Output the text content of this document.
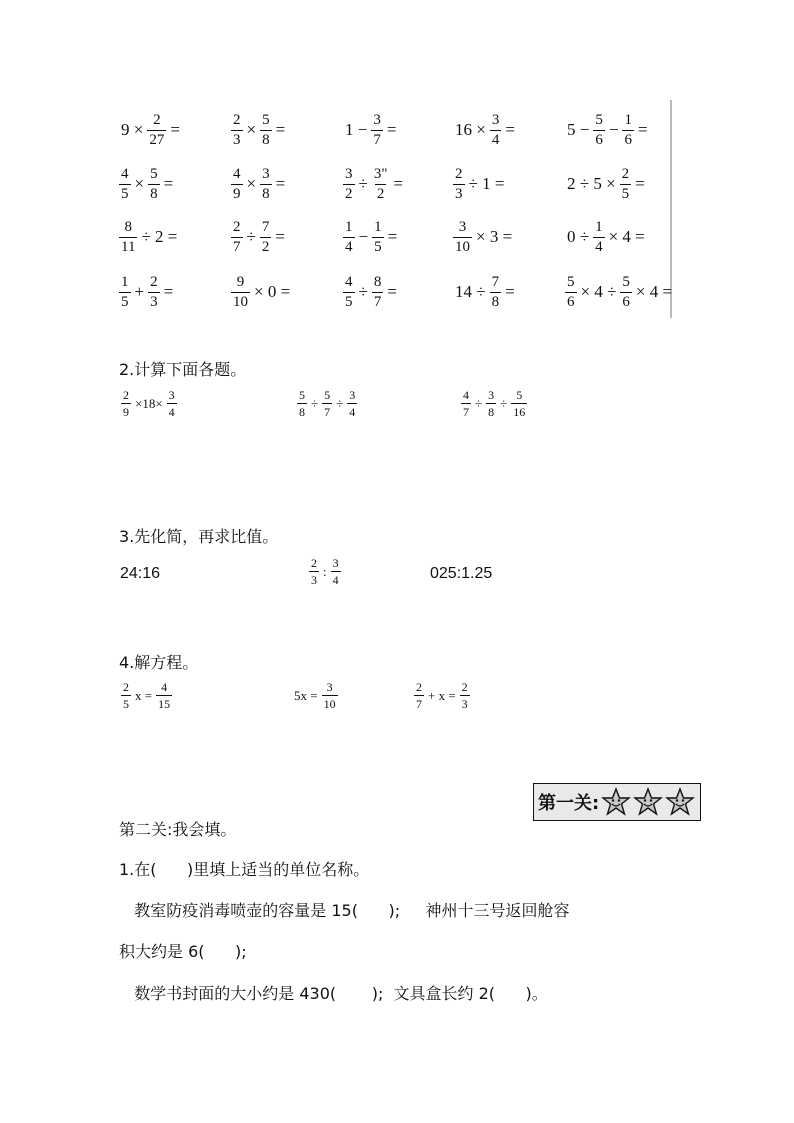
$9 \times \frac{2}{27}$ =	$\frac{2}{3} \times \frac{5}{8}$ =	$1 - \frac{3}{7}$ =	$16 \times \frac{3}{4}$ =	$5 - \frac{5}{6} - \frac{1}{6}$ =
$\frac{4}{5} \times \frac{5}{8}$ =	$\frac{4}{9} \times \frac{3}{8}$ =	$\frac{3}{2} \div \frac{3"}{2}$ =	$\frac{2}{3} \div 1$ =	$2 \div 5 \times \frac{2}{5}$ =
$\frac{8}{11} \div 2$ =	$\frac{2}{7} \div \frac{7}{2}$ =	$\frac{1}{4} - \frac{1}{5}$ =	$\frac{3}{10} \times 3$ =	$0 \div \frac{1}{4} \times 4$ =
$\frac{1}{5} + \frac{2}{3}$ =	$\frac{9}{10} \times 0$ =	$\frac{4}{5} \div \frac{8}{7}$ =	$14 \div \frac{7}{8}$ =	$\frac{5}{6} \times 4 \div \frac{5}{6} \times 4$ =
2.计算下面各题。
$\frac{2}{9} \times 18\times \frac{3}{4}$	$\frac{5}{8} \div \frac{5}{7} \div \frac{3}{4}$	$\frac{4}{7} \div \frac{3}{8} \div \frac{5}{16}$
3.先化简，再求比值。
24:16	$\frac{2}{3}$ : $\frac{3}{4}$	025:1.25
4.解方程。
$\frac{2}{5}$ $x = \frac{4}{15}$	$5x = \frac{3}{10}$	$\frac{2}{7} + x = \frac{2}{3}$
第一关:
第二关:我会填。
1.在(      )里填上适当的单位名称。
教室防疫消毒喷壶的容量是 15(      );     神州十三号返回舱容
积大约是 6(      );
数学书封面的大小约是 430(       );  文具盒长约 2(      )。
